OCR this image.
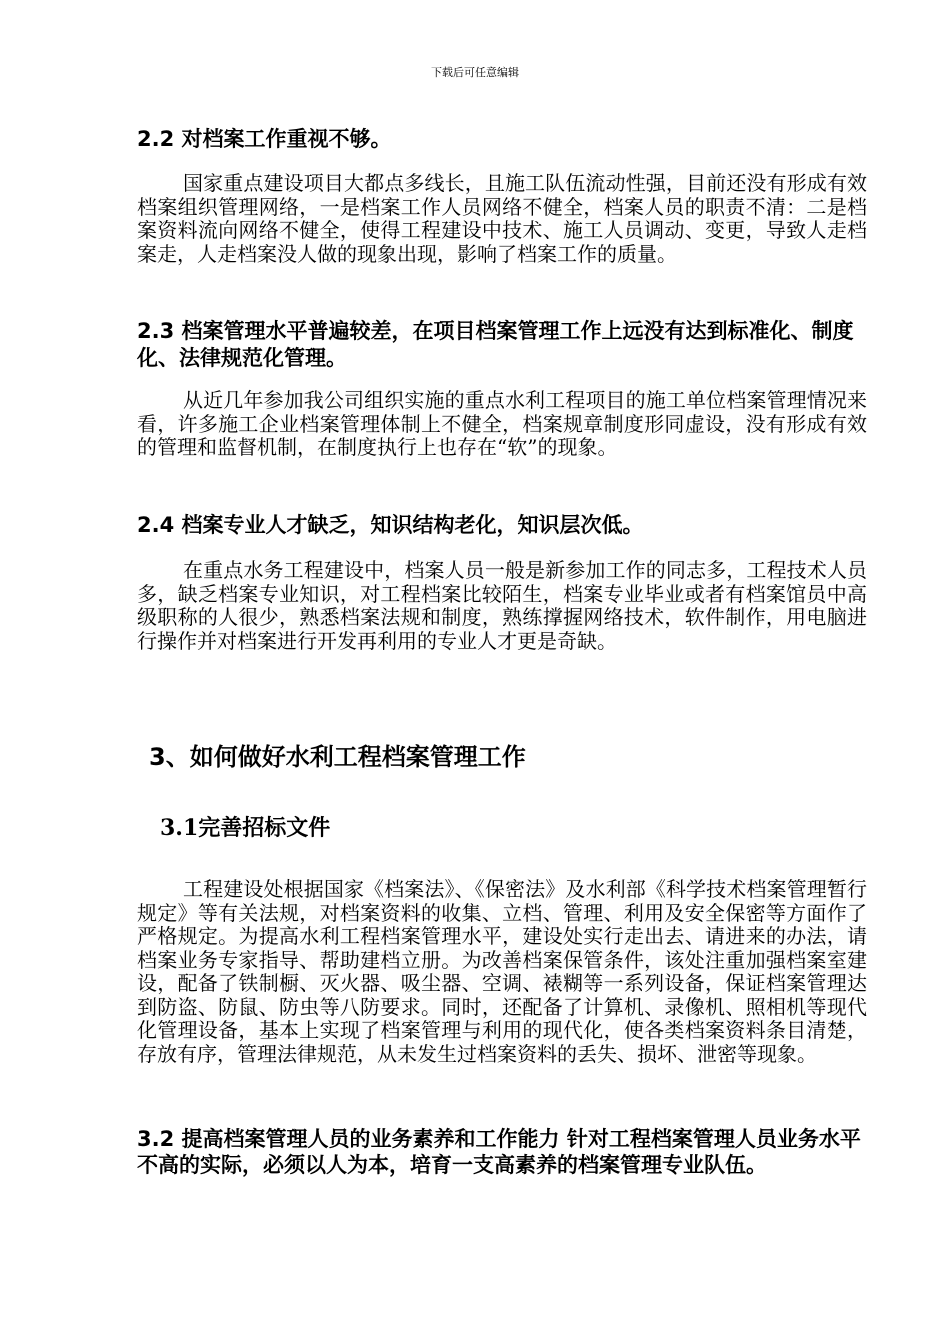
下载后可任意编辑
2.2 对档案工作重视不够。

国家重点建设项目大都点多线长，且施工队伍流动性强，目前还没有形成有效档案组织管理网络，一是档案工作人员网络不健全，档案人员的职责不清：二是档案资料流向网络不健全，使得工程建设中技术、施工人员调动、变更，导致人走档案走，人走档案没人做的现象出现，影响了档案工作的质量。

2.3 档案管理水平普遍较差，在项目档案管理工作上远没有达到标准化、制度化、法律规范化管理。

从近几年参加我公司组织实施的重点水利工程项目的施工单位档案管理情况来看，许多施工企业档案管理体制上不健全，档案规章制度形同虚设，没有形成有效的管理和监督机制，在制度执行上也存在“软”的现象。

2.4 档案专业人才缺乏，知识结构老化，知识层次低。

在重点水务工程建设中，档案人员一般是新参加工作的同志多，工程技术人员多，缺乏档案专业知识，对工程档案比较陌生，档案专业毕业或者有档案馆员中高级职称的人很少，熟悉档案法规和制度，熟练撑握网络技术，软件制作，用电脑进行操作并对档案进行开发再利用的专业人才更是奇缺。

3、如何做好水利工程档案管理工作
3.1完善招标文件

工程建设处根据国家《档案法》、《保密法》及水利部《科学技术档案管理暂行规定》等有关法规，对档案资料的收集、立档、管理、利用及安全保密等方面作了严格规定。为提高水利工程档案管理水平，建设处实行走出去、请进来的办法，请档案业务专家指导、帮助建档立册。为改善档案保管条件，该处注重加强档案室建设，配备了铁制橱、灭火器、吸尘器、空调、裱糊等一系列设备，保证档案管理达到防盗、防鼠、防虫等八防要求。同时，还配备了计算机、录像机、照相机等现代化管理设备，基本上实现了档案管理与利用的现代化，使各类档案资料条目清楚，存放有序，管理法律规范，从未发生过档案资料的丢失、损坏、泄密等现象。

3.2 提高档案管理人员的业务素养和工作能力 针对工程档案管理人员业务水平不高的实际，必须以人为本，培育一支高素养的档案管理专业队伍。
